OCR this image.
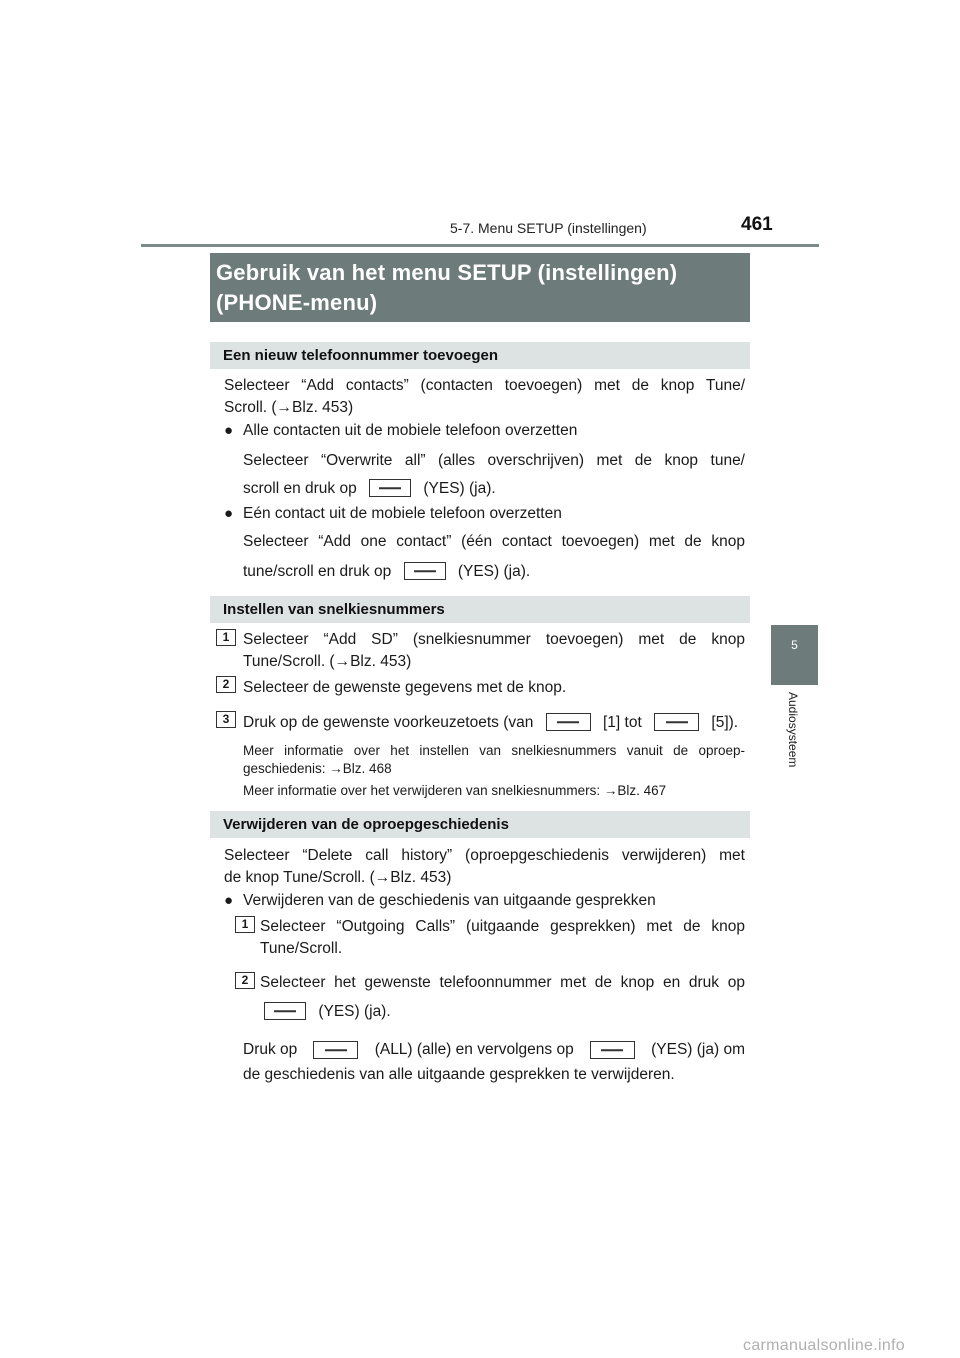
5-7. Menu SETUP (instellingen)	461
5
Audiosysteem
Gebruik van het menu SETUP (instellingen)
(PHONE-menu)
Een nieuw telefoonnummer toevoegen
Selecteer “Add contacts” (contacten toevoegen) met de knop Tune/
Scroll. (→Blz. 453)
● Alle contacten uit de mobiele telefoon overzetten
Selecteer “Overwrite all” (alles overschrijven) met de knop tune/
scroll en druk op	(YES) (ja).
● Eén contact uit de mobiele telefoon overzetten
Selecteer “Add one contact” (één contact toevoegen) met de knop
tune/scroll en druk op	(YES) (ja).
Instellen van snelkiesnummers
1 Selecteer “Add SD” (snelkiesnummer toevoegen) met de knop
Tune/Scroll. (→Blz. 453)
2 Selecteer de gewenste gegevens met de knop.
3 Druk op de gewenste voorkeuzetoets (van	[1] tot	[5]).
Meer informatie over het instellen van snelkiesnummers vanuit de oproep-
geschiedenis: →Blz. 468
Meer informatie over het verwijderen van snelkiesnummers: →Blz. 467
Verwijderen van de oproepgeschiedenis
Selecteer “Delete call history” (oproepgeschiedenis verwijderen) met
de knop Tune/Scroll. (→Blz. 453)
● Verwijderen van de geschiedenis van uitgaande gesprekken
1 Selecteer “Outgoing Calls” (uitgaande gesprekken) met de knop
Tune/Scroll.
2 Selecteer het gewenste telefoonnummer met de knop en druk op
(YES) (ja).
Druk op	(ALL) (alle) en vervolgens op	(YES) (ja) om
de geschiedenis van alle uitgaande gesprekken te verwijderen.
carmanualsonline.info
